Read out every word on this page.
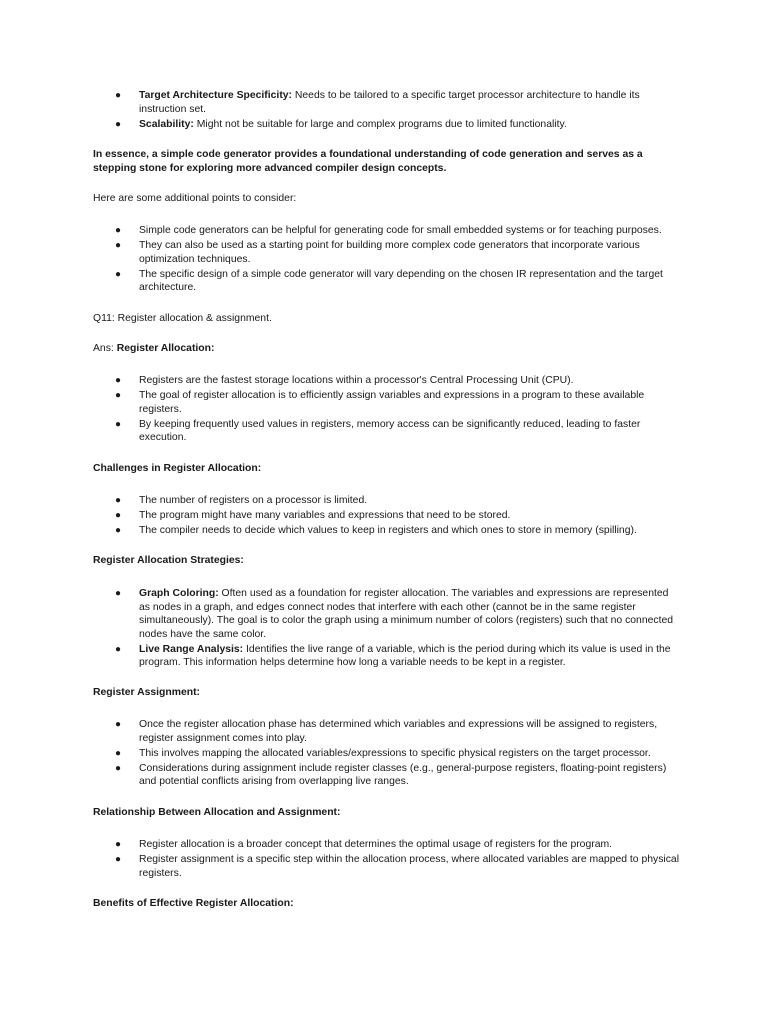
● Target Architecture Specificity: Needs to be tailored to a specific target processor architecture to handle its instruction set.
● Scalability: Might not be suitable for large and complex programs due to limited functionality.

In essence, a simple code generator provides a foundational understanding of code generation and serves as a stepping stone for exploring more advanced compiler design concepts.

Here are some additional points to consider:

● Simple code generators can be helpful for generating code for small embedded systems or for teaching purposes.
● They can also be used as a starting point for building more complex code generators that incorporate various optimization techniques.
● The specific design of a simple code generator will vary depending on the chosen IR representation and the target architecture.

Q11: Register allocation & assignment.

Ans: Register Allocation:

● Registers are the fastest storage locations within a processor's Central Processing Unit (CPU).
● The goal of register allocation is to efficiently assign variables and expressions in a program to these available registers.
● By keeping frequently used values in registers, memory access can be significantly reduced, leading to faster execution.

Challenges in Register Allocation:

● The number of registers on a processor is limited.
● The program might have many variables and expressions that need to be stored.
● The compiler needs to decide which values to keep in registers and which ones to store in memory (spilling).

Register Allocation Strategies:

● Graph Coloring: Often used as a foundation for register allocation. The variables and expressions are represented as nodes in a graph, and edges connect nodes that interfere with each other (cannot be in the same register simultaneously). The goal is to color the graph using a minimum number of colors (registers) such that no connected nodes have the same color.
● Live Range Analysis: Identifies the live range of a variable, which is the period during which its value is used in the program. This information helps determine how long a variable needs to be kept in a register.

Register Assignment:

● Once the register allocation phase has determined which variables and expressions will be assigned to registers, register assignment comes into play.
● This involves mapping the allocated variables/expressions to specific physical registers on the target processor.
● Considerations during assignment include register classes (e.g., general-purpose registers, floating-point registers) and potential conflicts arising from overlapping live ranges.

Relationship Between Allocation and Assignment:

● Register allocation is a broader concept that determines the optimal usage of registers for the program.
● Register assignment is a specific step within the allocation process, where allocated variables are mapped to physical registers.

Benefits of Effective Register Allocation:
